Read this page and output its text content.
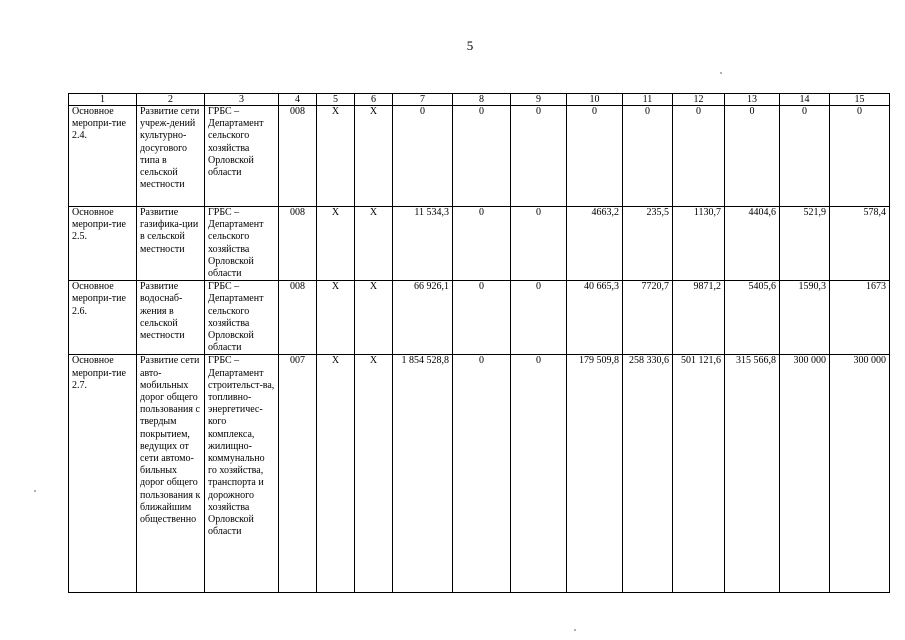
5
1	2	3	4	5	6	7	8	9	10	11	12	13	14	15
Основное меропри-тие 2.4.	Развитие сети учреж-дений культурно-досугового типа в сельской местности	ГРБС – Департамент сельского хозяйства Орловской области	008	X	X	0	0	0	0	0	0	0	0	0
Основное меропри-тие 2.5.	Развитие газифика-ции в сельской местности	ГРБС – Департамент сельского хозяйства Орловской области	008	X	X	11 534,3	0	0	4663,2	235,5	1130,7	4404,6	521,9	578,4
Основное меропри-тие 2.6.	Развитие водоснаб-жения в сельской местности	ГРБС – Департамент сельского хозяйства Орловской области	008	X	X	66 926,1	0	0	40 665,3	7720,7	9871,2	5405,6	1590,3	1673
Основное меропри-тие 2.7.	Развитие сети авто-мобильных дорог общего пользования с твердым покрытием, ведущих от сети автомо-бильных дорог общего пользования к ближайшим общественно	ГРБС – Департамент строительст-ва, топливно-энергетичес-кого комплекса, жилищно-коммунально го хозяйства, транспорта и дорожного хозяйства Орловской области	007	X	X	1 854 528,8	0	0	179 509,8	258 330,6	501 121,6	315 566,8	300 000	300 000
